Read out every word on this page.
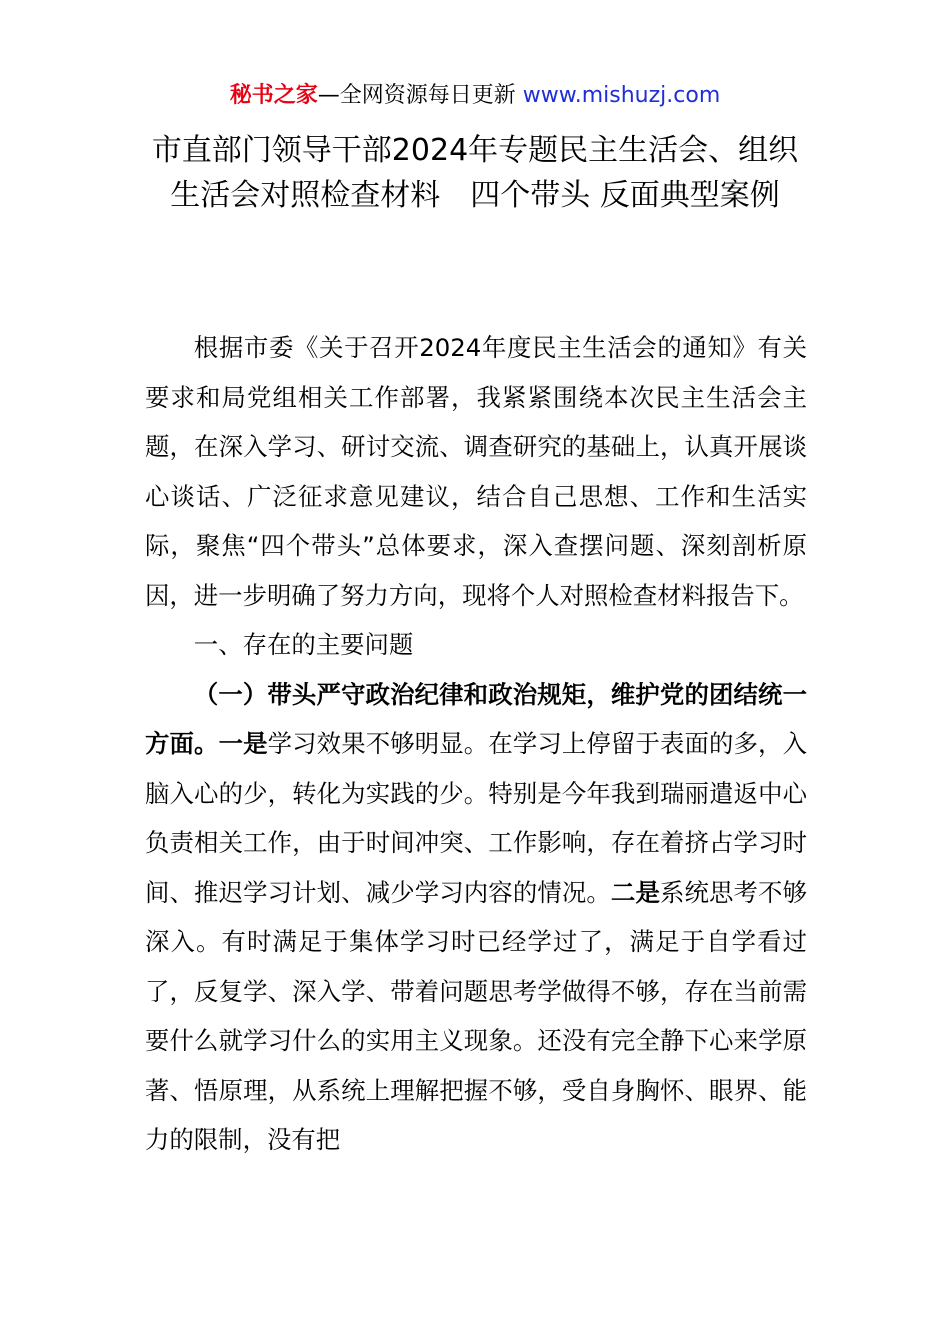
秘书之家—全网资源每日更新 www.mishuzj.com
市直部门领导干部2024年专题民主生活会、组织生活会对照检查材料　四个带头 反面典型案例

根据市委《关于召开2024年度民主生活会的通知》有关要求和局党组相关工作部署，我紧紧围绕本次民主生活会主题，在深入学习、研讨交流、调查研究的基础上，认真开展谈心谈话、广泛征求意见建议，结合自己思想、工作和生活实际，聚焦“四个带头”总体要求，深入查摆问题、深刻剖析原因，进一步明确了努力方向，现将个人对照检查材料报告下。

一、存在的主要问题

（一）带头严守政治纪律和政治规矩，维护党的团结统一方面。一是学习效果不够明显。在学习上停留于表面的多，入脑入心的少，转化为实践的少。特别是今年我到瑞丽遣返中心负责相关工作，由于时间冲突、工作影响，存在着挤占学习时间、推迟学习计划、减少学习内容的情况。二是系统思考不够深入。有时满足于集体学习时已经学过了，满足于自学看过了，反复学、深入学、带着问题思考学做得不够，存在当前需要什么就学习什么的实用主义现象。还没有完全静下心来学原著、悟原理，从系统上理解把握不够，受自身胸怀、眼界、能力的限制，没有把
